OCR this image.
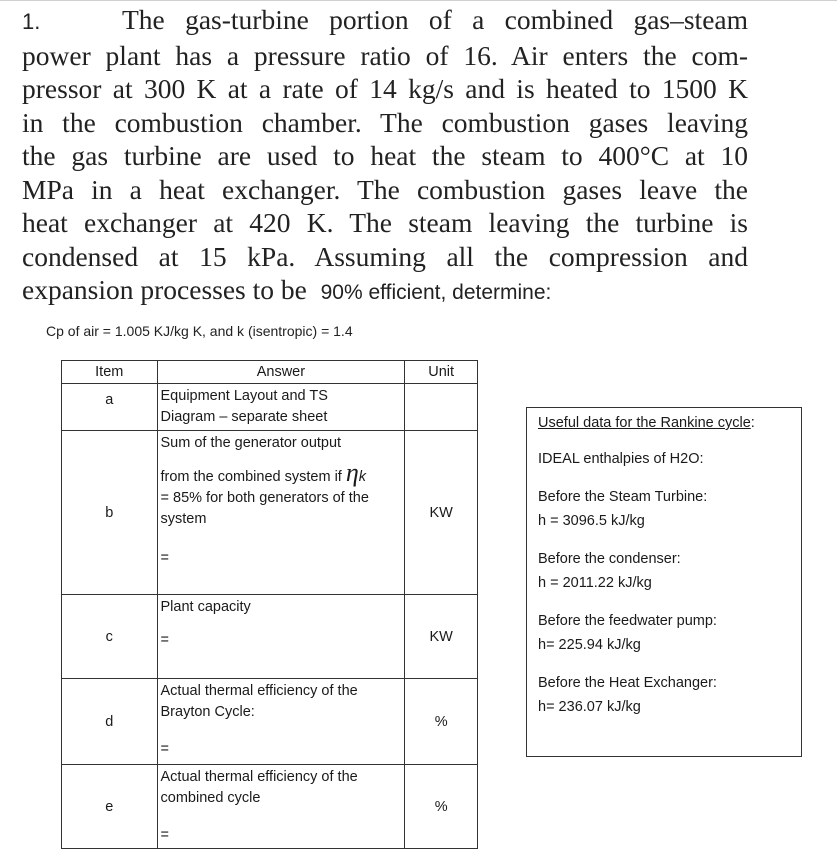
1.	The gas-turbine portion of a combined gas–steam
power plant has a pressure ratio of 16. Air enters the com-
pressor at 300 K at a rate of 14 kg/s and is heated to 1500 K
in the combustion chamber. The combustion gases leaving
the gas turbine are used to heat the steam to 400°C at 10
MPa in a heat exchanger. The combustion gases leave the
heat exchanger at 420 K. The steam leaving the turbine is
condensed at 15 kPa. Assuming all the compression and
expansion processes to be 90% efficient, determine:
Cp of air = 1.005 KJ/kg K, and k (isentropic) = 1.4
Item	Answer	Unit
a	Equipment Layout and TS
Diagram – separate sheet	

b	Sum of the generator output
from the combined system if ηk
= 85% for both generators of the system
=	KW
c	Plant capacity
=	KW
d	Actual thermal efficiency of the
Brayton Cycle:
=	%
e	Actual thermal efficiency of the
combined cycle
=	%
Useful data for the Rankine cycle:
IDEAL enthalpies of H2O:
Before the Steam Turbine:
h = 3096.5 kJ/kg
Before the condenser:
h = 2011.22 kJ/kg
Before the feedwater pump:
h= 225.94 kJ/kg
Before the Heat Exchanger:
h= 236.07 kJ/kg
